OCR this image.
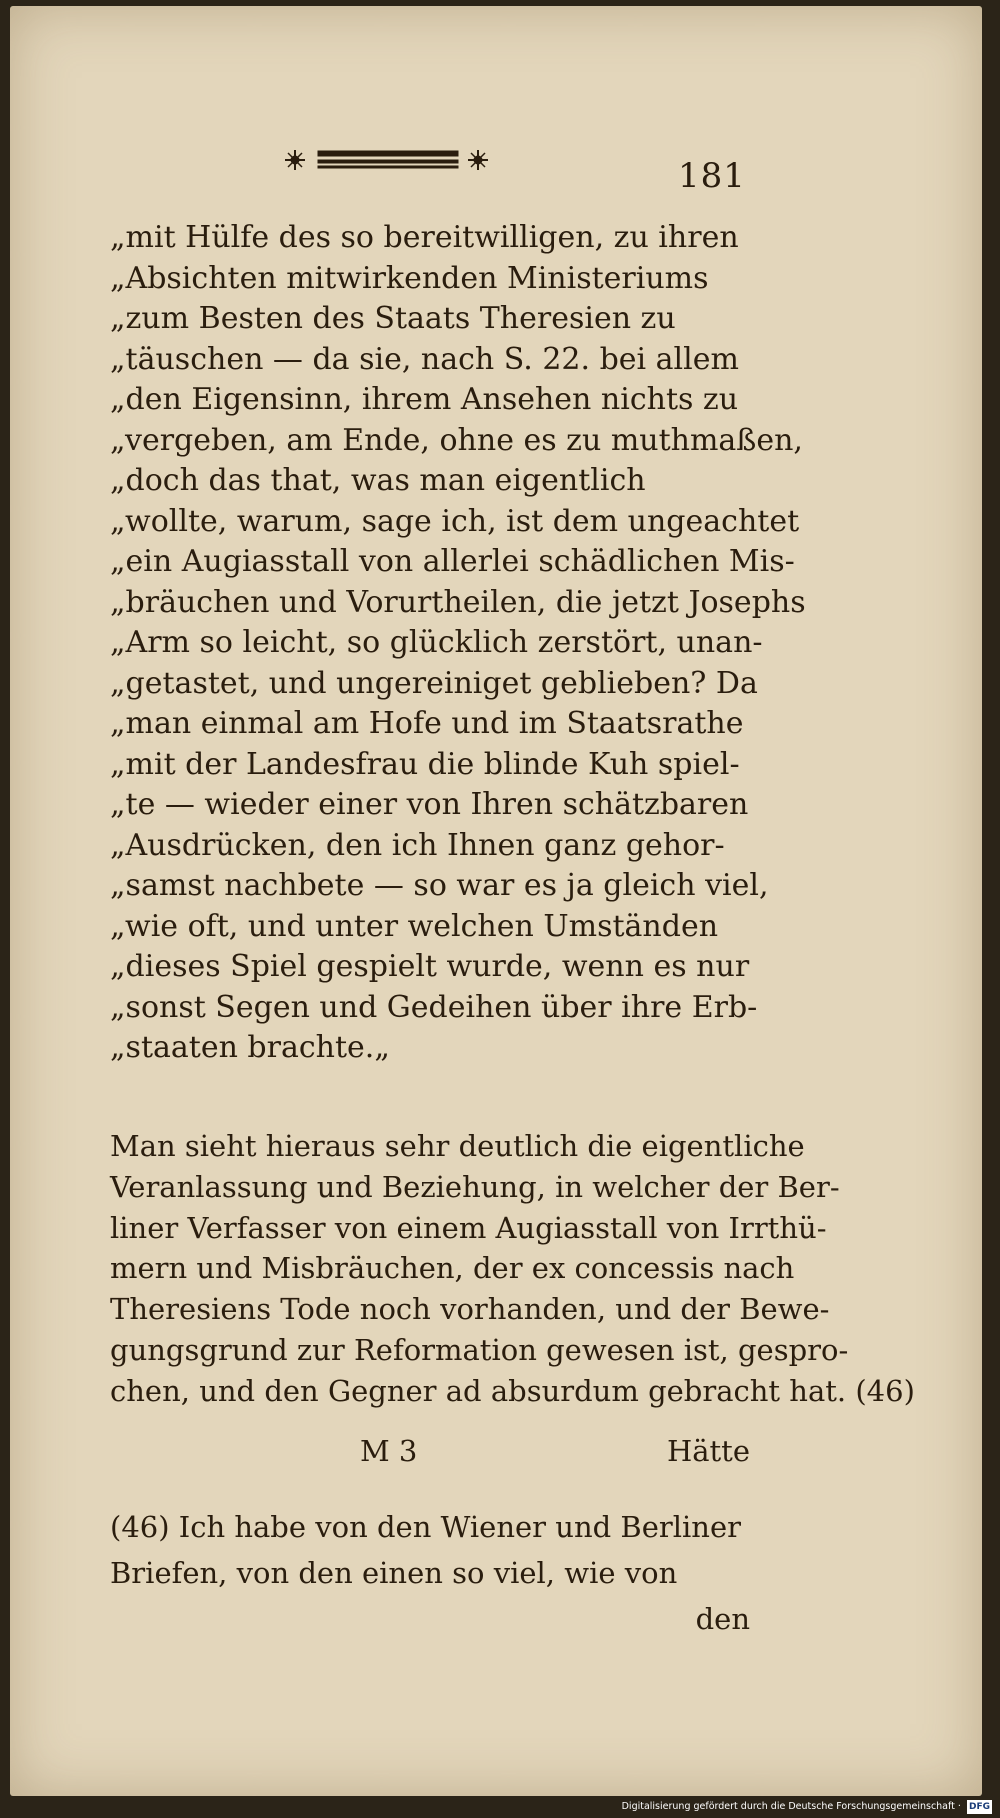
181
„mit Hülfe des so bereitwilligen, zu ihren
„Absichten mitwirkenden Ministeriums
„zum Besten des Staats Theresien zu
„täuschen — da sie, nach S. 22. bei allem
„den Eigensinn, ihrem Ansehen nichts zu
„vergeben, am Ende, ohne es zu muthmaßen,
„doch das that, was man eigentlich
„wollte, warum, sage ich, ist dem ungeachtet
„ein Augiasstall von allerlei schädlichen Mis-
„bräuchen und Vorurtheilen, die jetzt Josephs
„Arm so leicht, so glücklich zerstört, unan-
„getastet, und ungereiniget geblieben? Da
„man einmal am Hofe und im Staatsrathe
„mit der Landesfrau die blinde Kuh spiel-
„te — wieder einer von Ihren schätzbaren
„Ausdrücken, den ich Ihnen ganz gehor-
„samst nachbete — so war es ja gleich viel,
„wie oft, und unter welchen Umständen
„dieses Spiel gespielt wurde, wenn es nur
„sonst Segen und Gedeihen über ihre Erb-
„staaten brachte.„
Man sieht hieraus sehr deutlich die eigentliche
Veranlassung und Beziehung, in welcher der Ber-
liner Verfasser von einem Augiasstall von Irrthü-
mern und Misbräuchen, der ex concessis nach
Theresiens Tode noch vorhanden, und der Bewe-
gungsgrund zur Reformation gewesen ist, gespro-
chen, und den Gegner ad absurdum gebracht hat. (46)
M 3	Hätte
(46) Ich habe von den Wiener und Berliner
Briefen, von den einen so viel, wie von
den
Digitalisierung gefördert durch die Deutsche Forschungsgemeinschaft · DFG
